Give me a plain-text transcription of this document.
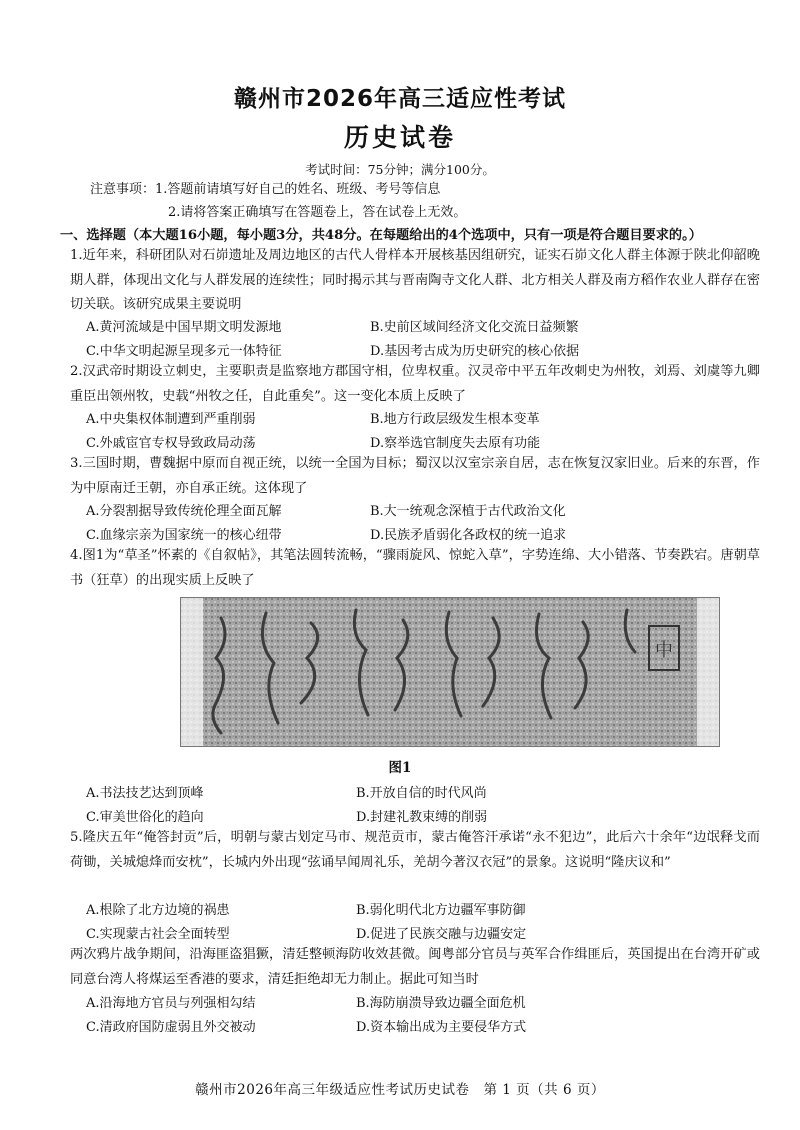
赣州市2026年高三适应性考试
历史试卷
考试时间：75分钟；满分100分。
注意事项：1.答题前请填写好自己的姓名、班级、考号等信息
2.请将答案正确填写在答题卷上，答在试卷上无效。
一、选择题（本大题16小题，每小题3分，共48分。在每题给出的4个选项中，只有一项是符合题目要求的。）
1.近年来，科研团队对石峁遗址及周边地区的古代人骨样本开展核基因组研究，证实石峁文化人群主体源于陕北仰韶晚期人群，体现出文化与人群发展的连续性；同时揭示其与晋南陶寺文化人群、北方相关人群及南方稻作农业人群存在密切关联。该研究成果主要说明
A.黄河流域是中国早期文明发源地	B.史前区域间经济文化交流日益频繁
C.中华文明起源呈现多元一体特征	D.基因考古成为历史研究的核心依据
2.汉武帝时期设立刺史，主要职责是监察地方郡国守相，位卑权重。汉灵帝中平五年改刺史为州牧，刘焉、刘虞等九卿重臣出领州牧，史载“州牧之任，自此重矣”。这一变化本质上反映了
A.中央集权体制遭到严重削弱	B.地方行政层级发生根本变革
C.外戚宦官专权导致政局动荡	D.察举选官制度失去原有功能
3.三国时期，曹魏据中原而自视正统，以统一全国为目标；蜀汉以汉室宗亲自居，志在恢复汉家旧业。后来的东晋，作为中原南迁王朝，亦自承正统。这体现了
A.分裂割据导致传统伦理全面瓦解	B.大一统观念深植于古代政治文化
C.血缘宗亲为国家统一的核心纽带	D.民族矛盾弱化各政权的统一追求
4.图1为“草圣”怀素的《自叙帖》，其笔法圆转流畅，“骤雨旋风、惊蛇入草”，字势连绵、大小错落、节奏跌宕。唐朝草书（狂草）的出现实质上反映了
中
图1
A.书法技艺达到顶峰	B.开放自信的时代风尚
C.审美世俗化的趋向	D.封建礼教束缚的削弱
5.隆庆五年“俺答封贡”后，明朝与蒙古划定马市、规范贡市，蒙古俺答汗承诺“永不犯边”，此后六十余年“边氓释戈而荷锄，关城熄烽而安枕”，长城内外出现“弦诵早闻周礼乐，羌胡今著汉衣冠”的景象。这说明“隆庆议和”
A.根除了北方边境的祸患	B.弱化明代北方边疆军事防御
C.实现蒙古社会全面转型	D.促进了民族交融与边疆安定
两次鸦片战争期间，沿海匪盗猖獗，清廷整顿海防收效甚微。闽粤部分官员与英军合作缉匪后，英国提出在台湾开矿或同意台湾人将煤运至香港的要求，清廷拒绝却无力制止。据此可知当时
A.沿海地方官员与列强相勾结	B.海防崩溃导致边疆全面危机
C.清政府国防虚弱且外交被动	D.资本输出成为主要侵华方式
赣州市2026年高三年级适应性考试历史试卷　第 1 页（共 6 页）
